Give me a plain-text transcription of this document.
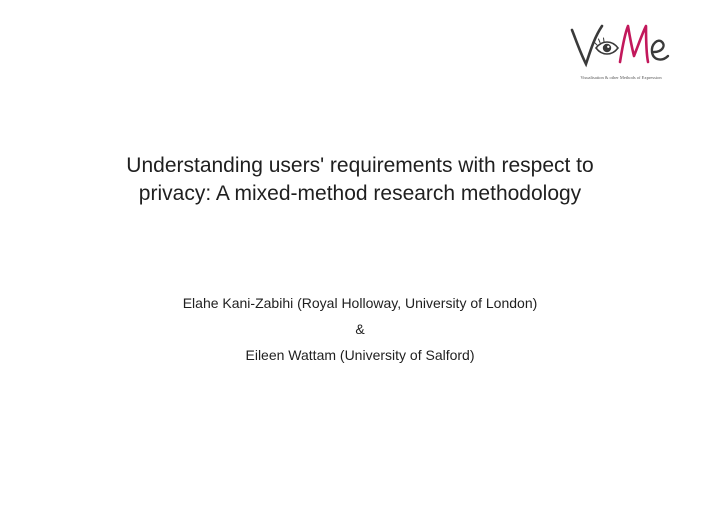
Visualisation & other Methods of Expression
Understanding users' requirements with respect to
privacy: A mixed-method research methodology
Elahe Kani-Zabihi (Royal Holloway, University of London)
&
Eileen Wattam (University of Salford)
